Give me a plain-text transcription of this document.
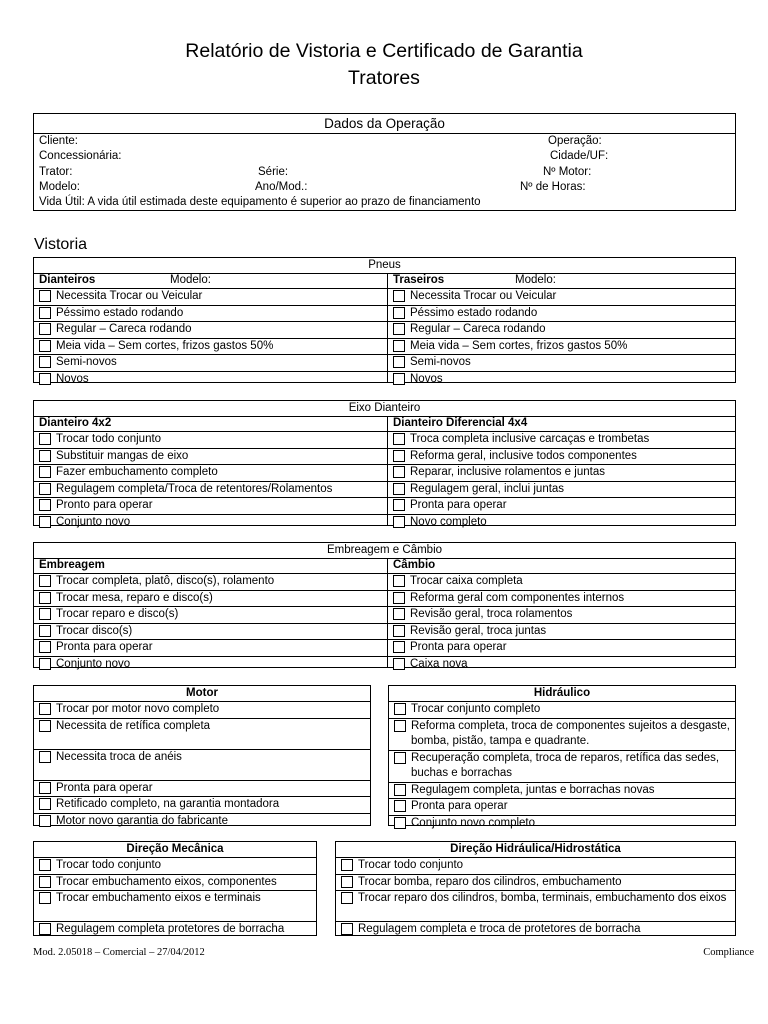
Relatório de Vistoria e Certificado de Garantia
Tratores
Dados da Operação
Cliente:	Operação:
Concessionária:	Cidade/UF:
Trator:	Série:	Nº Motor:
Modelo:	Ano/Mod.:	Nº de Horas:
Vida Útil: A vida útil estimada deste equipamento é superior ao prazo de financiamento
Vistoria
Pneus
Dianteiros	Modelo:
Necessita Trocar ou Veicular
Péssimo estado rodando
Regular – Careca rodando
Meia vida – Sem cortes, frizos gastos 50%
Semi-novos
Novos
Traseiros	Modelo:
Necessita Trocar ou Veicular
Péssimo estado rodando
Regular – Careca rodando
Meia vida – Sem cortes, frizos gastos 50%
Semi-novos
Novos
Eixo Dianteiro
Dianteiro 4x2
Trocar todo conjunto
Substituir mangas de eixo
Fazer embuchamento completo
Regulagem completa/Troca de retentores/Rolamentos
Pronto para operar
Conjunto novo
Dianteiro Diferencial 4x4
Troca completa inclusive carcaças e trombetas
Reforma geral, inclusive todos componentes
Reparar, inclusive rolamentos e juntas
Regulagem geral, inclui juntas
Pronta para operar
Novo completo
Embreagem e Câmbio
Embreagem
Trocar completa, platô, disco(s), rolamento
Trocar mesa, reparo e disco(s)
Trocar reparo e disco(s)
Trocar disco(s)
Pronta para operar
Conjunto novo
Câmbio
Trocar caixa completa
Reforma geral com componentes internos
Revisão geral, troca rolamentos
Revisão geral, troca juntas
Pronta para operar
Caixa nova
Motor
Trocar por motor novo completo
Necessita de retífica completa
Necessita troca de anéis
Pronta para operar
Retificado completo, na garantia montadora
Motor novo garantia do fabricante
Hidráulico
Trocar conjunto completo
Reforma completa, troca de componentes sujeitos a desgaste, bomba, pistão, tampa e quadrante.
Recuperação completa, troca de reparos, retífica das sedes, buchas e borrachas
Regulagem completa, juntas e borrachas novas
Pronta para operar
Conjunto novo completo
Direção Mecânica
Trocar todo conjunto
Trocar embuchamento eixos, componentes
Trocar embuchamento eixos e terminais
Regulagem completa protetores de borracha
Direção Hidráulica/Hidrostática
Trocar todo conjunto
Trocar bomba, reparo dos cilindros, embuchamento
Trocar reparo dos cilindros, bomba, terminais, embuchamento dos eixos
Regulagem completa e troca de protetores de borracha
Mod. 2.05018 – Comercial – 27/04/2012	Compliance
